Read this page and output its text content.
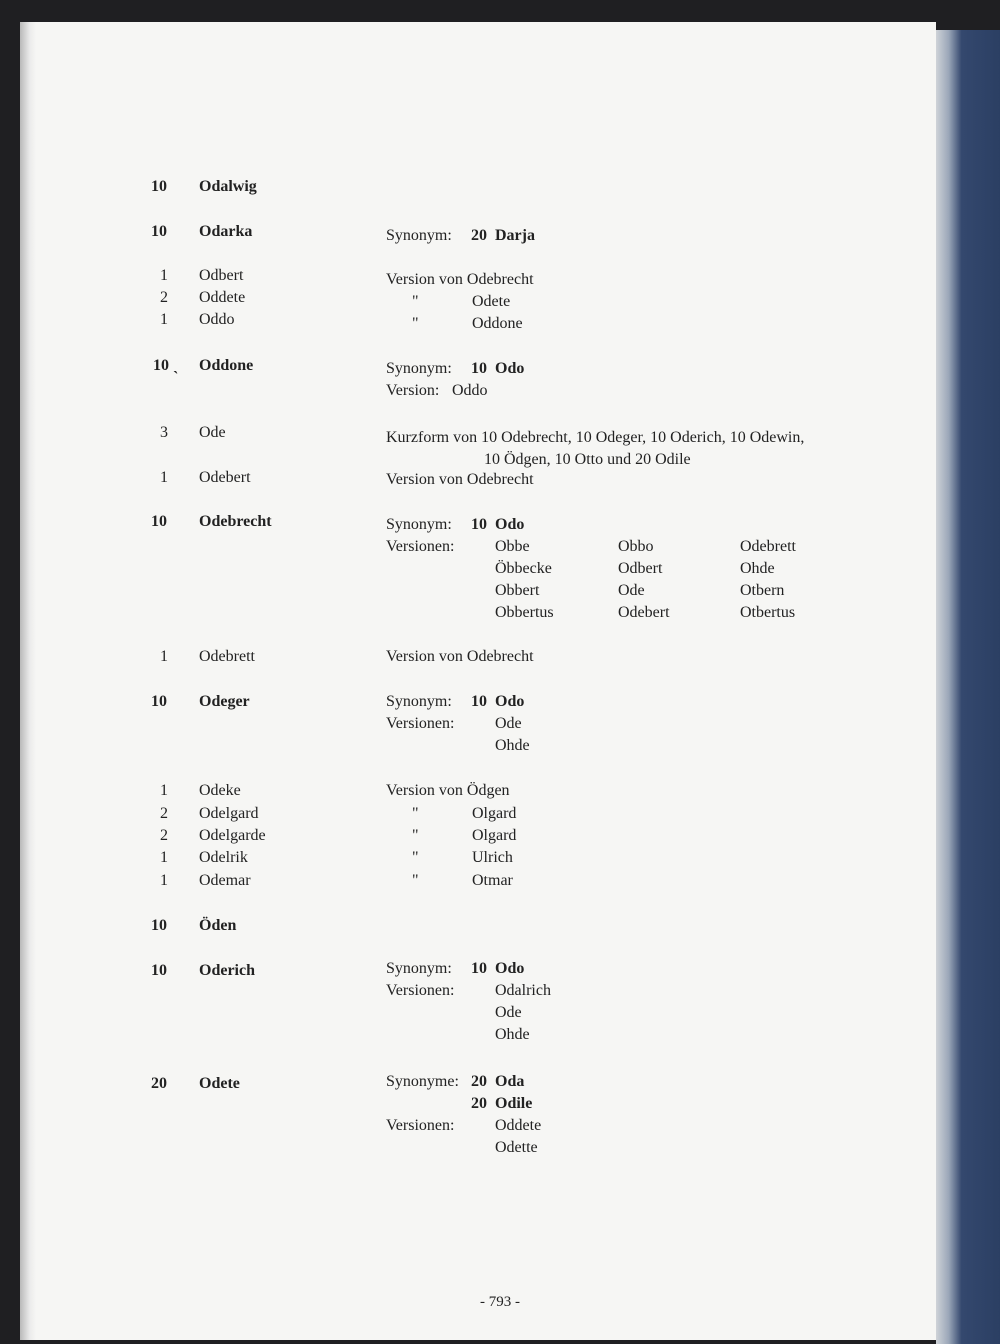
10 Odalwig
10 Odarka	Synonym: 20 Darja
1	Odbert	Version von Odebrecht
2	Oddete	"	Odete
1	Oddo	"	Oddone
10 ˎ Oddone	Synonym: 10 Odo
Version: Oddo
3	Ode	Kurzform von 10 Odebrecht, 10 Odeger, 10 Oderich, 10 Odewin,
10 Ödgen, 10 Otto und 20 Odile
1	Odebert	Version von Odebrecht
10 Odebrecht	Synonym: 10 Odo
Versionen:	Obbe	Obbo	Odebrett
Öbbecke	Odbert	Ohde
Obbert	Ode	Otbern
Obbertus	Odebert	Otbertus
1	Odebrett	Version von Odebrecht
10 Odeger	Synonym: 10 Odo
Versionen:	Ode
Ohde
1	Odeke	Version von Ödgen
2	Odelgard	"	Olgard
2	Odelgarde	"	Olgard
1	Odelrik	"	Ulrich
1	Odemar	"	Otmar
10 Öden
10 Oderich	Synonym: 10 Odo
Versionen:	Odalrich
Ode
Ohde
20 Odete	Synonyme: 20 Oda
20 Odile
Versionen:	Oddete
Odette
- 793 -
